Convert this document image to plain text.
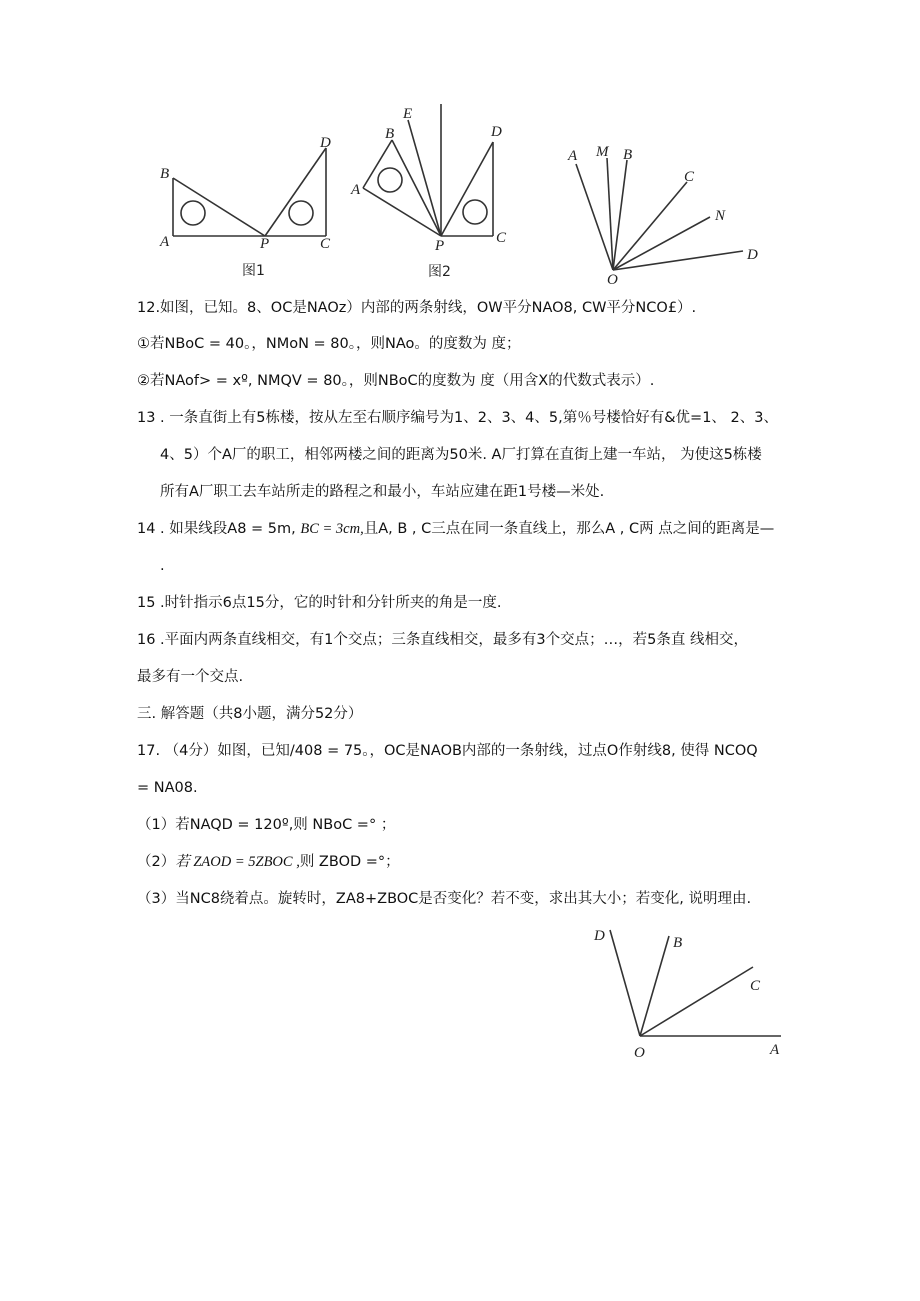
B
A	P	C
D
图1
E
B
A
P	C
D
图2
A M B
C
N
D
O
12.如图，已知。8、OC是NAOz）内部的两条射线，OW平分NAO8, CW平分NCO£）.
①若NBoC = 40。，NMoN = 80。，则NAo。的度数为 度；
②若NAof> = xº, NMQV = 80。，则NBoC的度数为 度（用含X的代数式表示）.
13 . 一条直街上有5栋楼，按从左至右顺序编号为1、2、3、4、5,第％号楼恰好有&优=1、 2、3、
4、5）个A厂的职工，相邻两楼之间的距离为50米. A厂打算在直街上建一车站， 为使这5栋楼
所有A厂职工去车站所走的路程之和最小，车站应建在距1号楼—米处.
14 . 如果线段A8 = 5m, BC = 3cm,且A, B , C三点在同一条直线上，那么A , C两 点之间的距离是—
.
15 .时针指示6点15分，它的时针和分针所夹的角是一度.
16 .平面内两条直线相交，有1个交点；三条直线相交，最多有3个交点；…，若5条直 线相交，
最多有一个交点.
三. 解答题（共8小题，满分52分）
17. （4分）如图，已知/408 = 75。，OC是NAOB内部的一条射线，过点O作射线8, 使得 NCOQ
= NA08.
（1）若NAQD = 120º,则 NBoC =° ；
（2）若 ZAOD = 5ZBOC ,则 ZBOD =°；
（3）当NC8绕着点。旋转时，ZA8+ZBOC是否变化？若不变，求出其大小；若变化, 说明理由.
D	B
C
O	A
